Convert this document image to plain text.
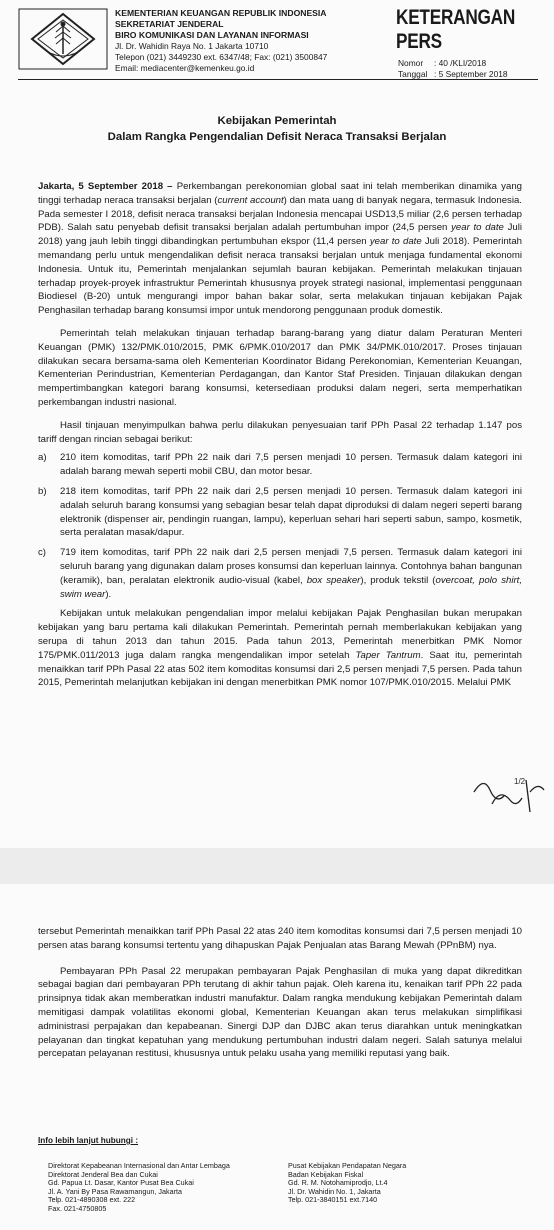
KEMENTERIAN KEUANGAN REPUBLIK INDONESIA
SEKRETARIAT JENDERAL
BIRO KOMUNIKASI DAN LAYANAN INFORMASI
Jl. Dr. Wahidin Raya No. 1 Jakarta 10710
Telepon (021) 3449230 ext. 6347/48; Fax: (021) 3500847
Email: mediacenter@kemenkeu.go.id
KETERANGAN PERS
Nomor : 40 /KLI/2018
Tanggal : 5 September 2018
Kebijakan Pemerintah
Dalam Rangka Pengendalian Defisit Neraca Transaksi Berjalan

Jakarta, 5 September 2018 – Perkembangan perekonomian global saat ini telah memberikan dinamika yang tinggi terhadap neraca transaksi berjalan (current account) dan mata uang di banyak negara, termasuk Indonesia. Pada semester I 2018, defisit neraca transaksi berjalan Indonesia mencapai USD13,5 miliar (2,6 persen terhadap PDB). Salah satu penyebab defisit transaksi berjalan adalah pertumbuhan impor (24,5 persen year to date Juli 2018) yang jauh lebih tinggi dibandingkan pertumbuhan ekspor (11,4 persen year to date Juli 2018). Pemerintah memandang perlu untuk mengendalikan defisit neraca transaksi berjalan untuk menjaga fundamental ekonomi Indonesia. Untuk itu, Pemerintah menjalankan sejumlah bauran kebijakan. Pemerintah melakukan tinjauan terhadap proyek-proyek infrastruktur Pemerintah khususnya proyek strategi nasional, implementasi penggunaan Biodiesel (B-20) untuk mengurangi impor bahan bakar solar, serta melakukan tinjauan kebijakan Pajak Penghasilan terhadap barang konsumsi impor untuk mendorong penggunaan produk domestik.

Pemerintah telah melakukan tinjauan terhadap barang-barang yang diatur dalam Peraturan Menteri Keuangan (PMK) 132/PMK.010/2015, PMK 6/PMK.010/2017 dan PMK 34/PMK.010/2017. Proses tinjauan dilakukan secara bersama-sama oleh Kementerian Koordinator Bidang Perekonomian, Kementerian Keuangan, Kementerian Perindustrian, Kementerian Perdagangan, dan Kantor Staf Presiden. Tinjauan dilakukan dengan mempertimbangkan kategori barang konsumsi, ketersediaan produksi dalam negeri, serta memperhatikan perkembangan industri nasional.

Hasil tinjauan menyimpulkan bahwa perlu dilakukan penyesuaian tarif PPh Pasal 22 terhadap 1.147 pos tariff dengan rincian sebagai berikut:

a) 210 item komoditas, tarif PPh 22 naik dari 7,5 persen menjadi 10 persen. Termasuk dalam kategori ini adalah barang mewah seperti mobil CBU, dan motor besar.
b) 218 item komoditas, tarif PPh 22 naik dari 2,5 persen menjadi 10 persen. Termasuk dalam kategori ini adalah seluruh barang konsumsi yang sebagian besar telah dapat diproduksi di dalam negeri seperti barang elektronik (dispenser air, pendingin ruangan, lampu), keperluan sehari hari seperti sabun, sampo, kosmetik, serta peralatan masak/dapur.
c) 719 item komoditas, tarif PPh 22 naik dari 2,5 persen menjadi 7,5 persen. Termasuk dalam kategori ini seluruh barang yang digunakan dalam proses konsumsi dan keperluan lainnya. Contohnya bahan bangunan (keramik), ban, peralatan elektronik audio-visual (kabel, box speaker), produk tekstil (overcoat, polo shirt, swim wear).

Kebijakan untuk melakukan pengendalian impor melalui kebijakan Pajak Penghasilan bukan merupakan kebijakan yang baru pertama kali dilakukan Pemerintah. Pemerintah pernah memberlakukan kebijakan yang serupa di tahun 2013 dan tahun 2015. Pada tahun 2013, Pemerintah menerbitkan PMK Nomor 175/PMK.011/2013 juga dalam rangka mengendalikan impor setelah Taper Tantrum. Saat itu, pemerintah menaikkan tarif PPh Pasal 22 atas 502 item komoditas konsumsi dari 2,5 persen menjadi 7,5 persen. Pada tahun 2015, Pemerintah melanjutkan kebijakan ini dengan menerbitkan PMK nomor 107/PMK.010/2015. Melalui PMK

1/2

tersebut Pemerintah menaikkan tarif PPh Pasal 22 atas 240 item komoditas konsumsi dari 7,5 persen menjadi 10 persen atas barang konsumsi tertentu yang dihapuskan Pajak Penjualan atas Barang Mewah (PPnBM) nya.

Pembayaran PPh Pasal 22 merupakan pembayaran Pajak Penghasilan di muka yang dapat dikreditkan sebagai bagian dari pembayaran PPh terutang di akhir tahun pajak. Oleh karena itu, kenaikan tarif PPh 22 pada prinsipnya tidak akan memberatkan industri manufaktur. Dalam rangka mendukung kebijakan Pemerintah dalam memitigasi dampak volatilitas ekonomi global, Kementerian Keuangan akan terus melakukan simplifikasi administrasi perpajakan dan kepabeanan. Sinergi DJP dan DJBC akan terus diarahkan untuk meningkatkan pelayanan dan tingkat kepatuhan yang mendukung pertumbuhan industri dalam negeri. Salah satunya melalui percepatan pelayanan restitusi, khususnya untuk pelaku usaha yang memiliki reputasi yang baik.

Info lebih lanjut hubungi :
Direktorat Kepabeanan Internasional dan Antar Lembaga
Direktorat Jenderal Bea dan Cukai
Gd. Papua Lt. Dasar, Kantor Pusat Bea Cukai
Jl. A. Yani By Pasa Rawamangun, Jakarta
Telp. 021-4890308 ext. 222
Fax. 021-4750805
Pusat Kebijakan Pendapatan Negara
Badan Kebijakan Fiskal
Gd. R. M. Notohamiprodjo, Lt.4
Jl. Dr. Wahidin No. 1, Jakarta
Telp. 021-3840151 ext.7140
